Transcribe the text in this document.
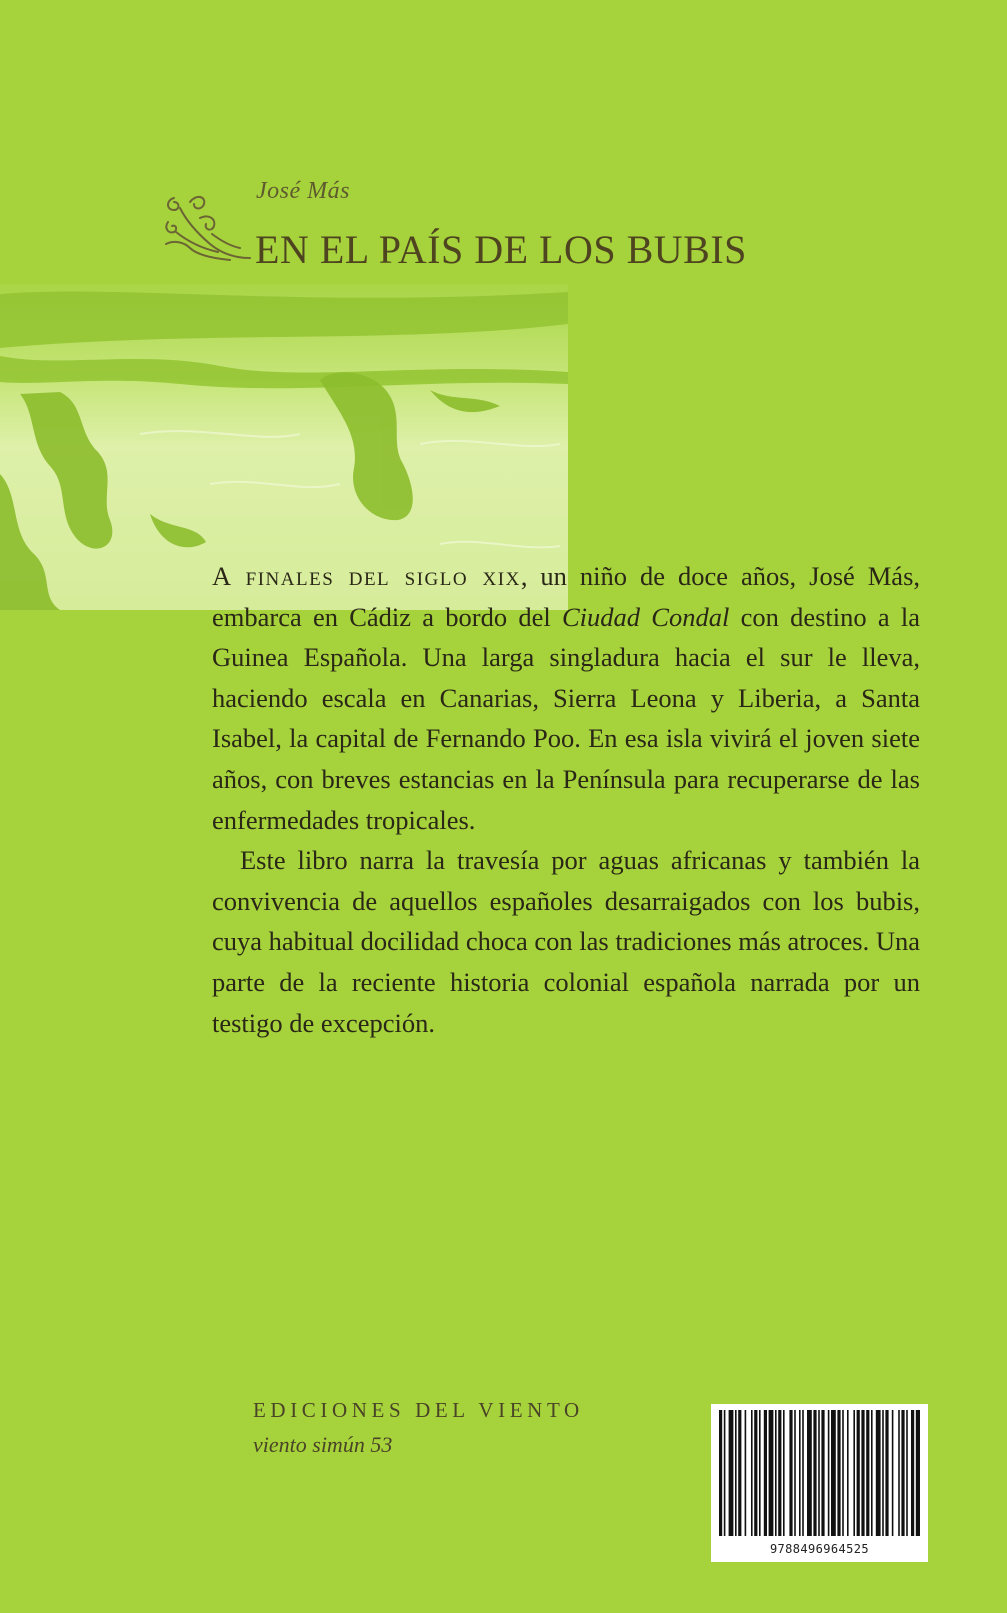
José Más

EN EL PAÍS DE LOS BUBIS

A finales del siglo xix, un niño de doce años, José Más, embarca en Cádiz a bordo del Ciudad Condal con destino a la Guinea Española. Una larga singladura hacia el sur le lleva, haciendo escala en Canarias, Sierra Leona y Liberia, a Santa Isabel, la capital de Fernando Poo. En esa isla vivirá el joven siete años, con breves estancias en la Península para recuperarse de las enfermedades tropicales.

Este libro narra la travesía por aguas africanas y también la convivencia de aquellos españoles desarraigados con los bubis, cuya habitual docilidad choca con las tradiciones más atroces. Una parte de la reciente historia colonial española narrada por un testigo de excepción.

EDICIONES DEL VIENTO

viento simún 53

9788496964525
